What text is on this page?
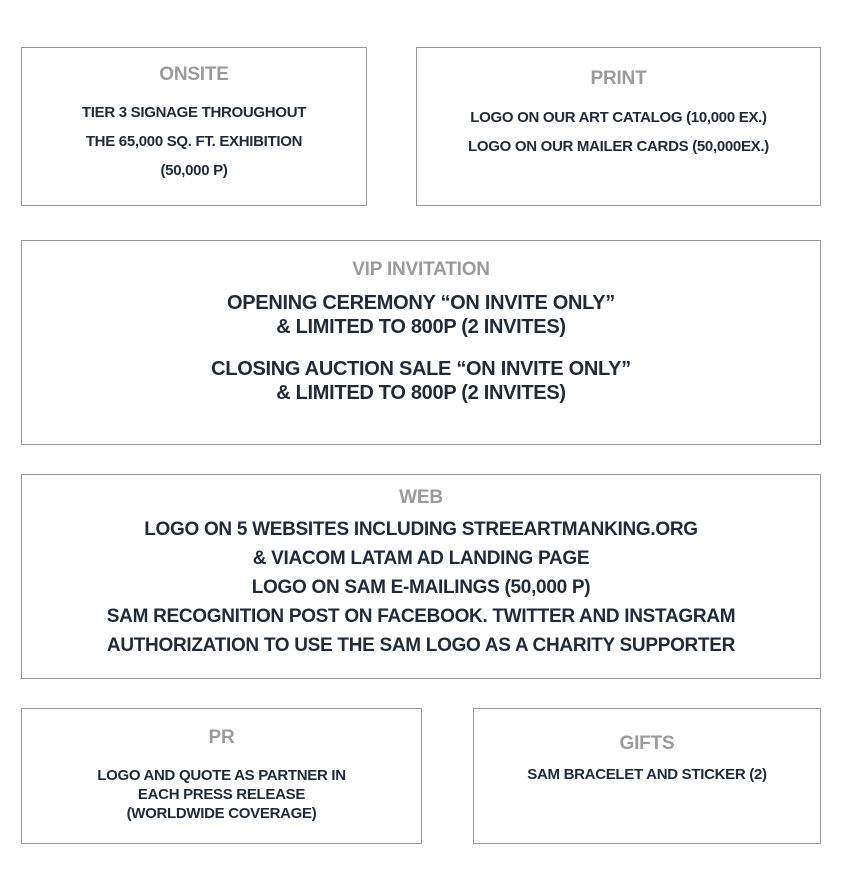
ONSITE
TIER 3 SIGNAGE THROUGHOUT
THE 65,000 SQ. FT. EXHIBITION
(50,000 P)
PRINT
LOGO ON OUR ART CATALOG (10,000 EX.)
LOGO ON OUR MAILER CARDS (50,000EX.)
VIP INVITATION
OPENING CEREMONY “ON INVITE ONLY”
& LIMITED TO 800P (2 INVITES)
CLOSING AUCTION SALE “ON INVITE ONLY”
& LIMITED TO 800P (2 INVITES)
WEB
LOGO ON 5 WEBSITES INCLUDING STREEARTMANKING.ORG
& VIACOM LATAM AD LANDING PAGE
LOGO ON SAM E-MAILINGS (50,000 P)
SAM RECOGNITION POST ON FACEBOOK. TWITTER AND INSTAGRAM
AUTHORIZATION TO USE THE SAM LOGO AS A CHARITY SUPPORTER
PR
LOGO AND QUOTE AS PARTNER IN
EACH PRESS RELEASE
(WORLDWIDE COVERAGE)
GIFTS
SAM BRACELET AND STICKER (2)
